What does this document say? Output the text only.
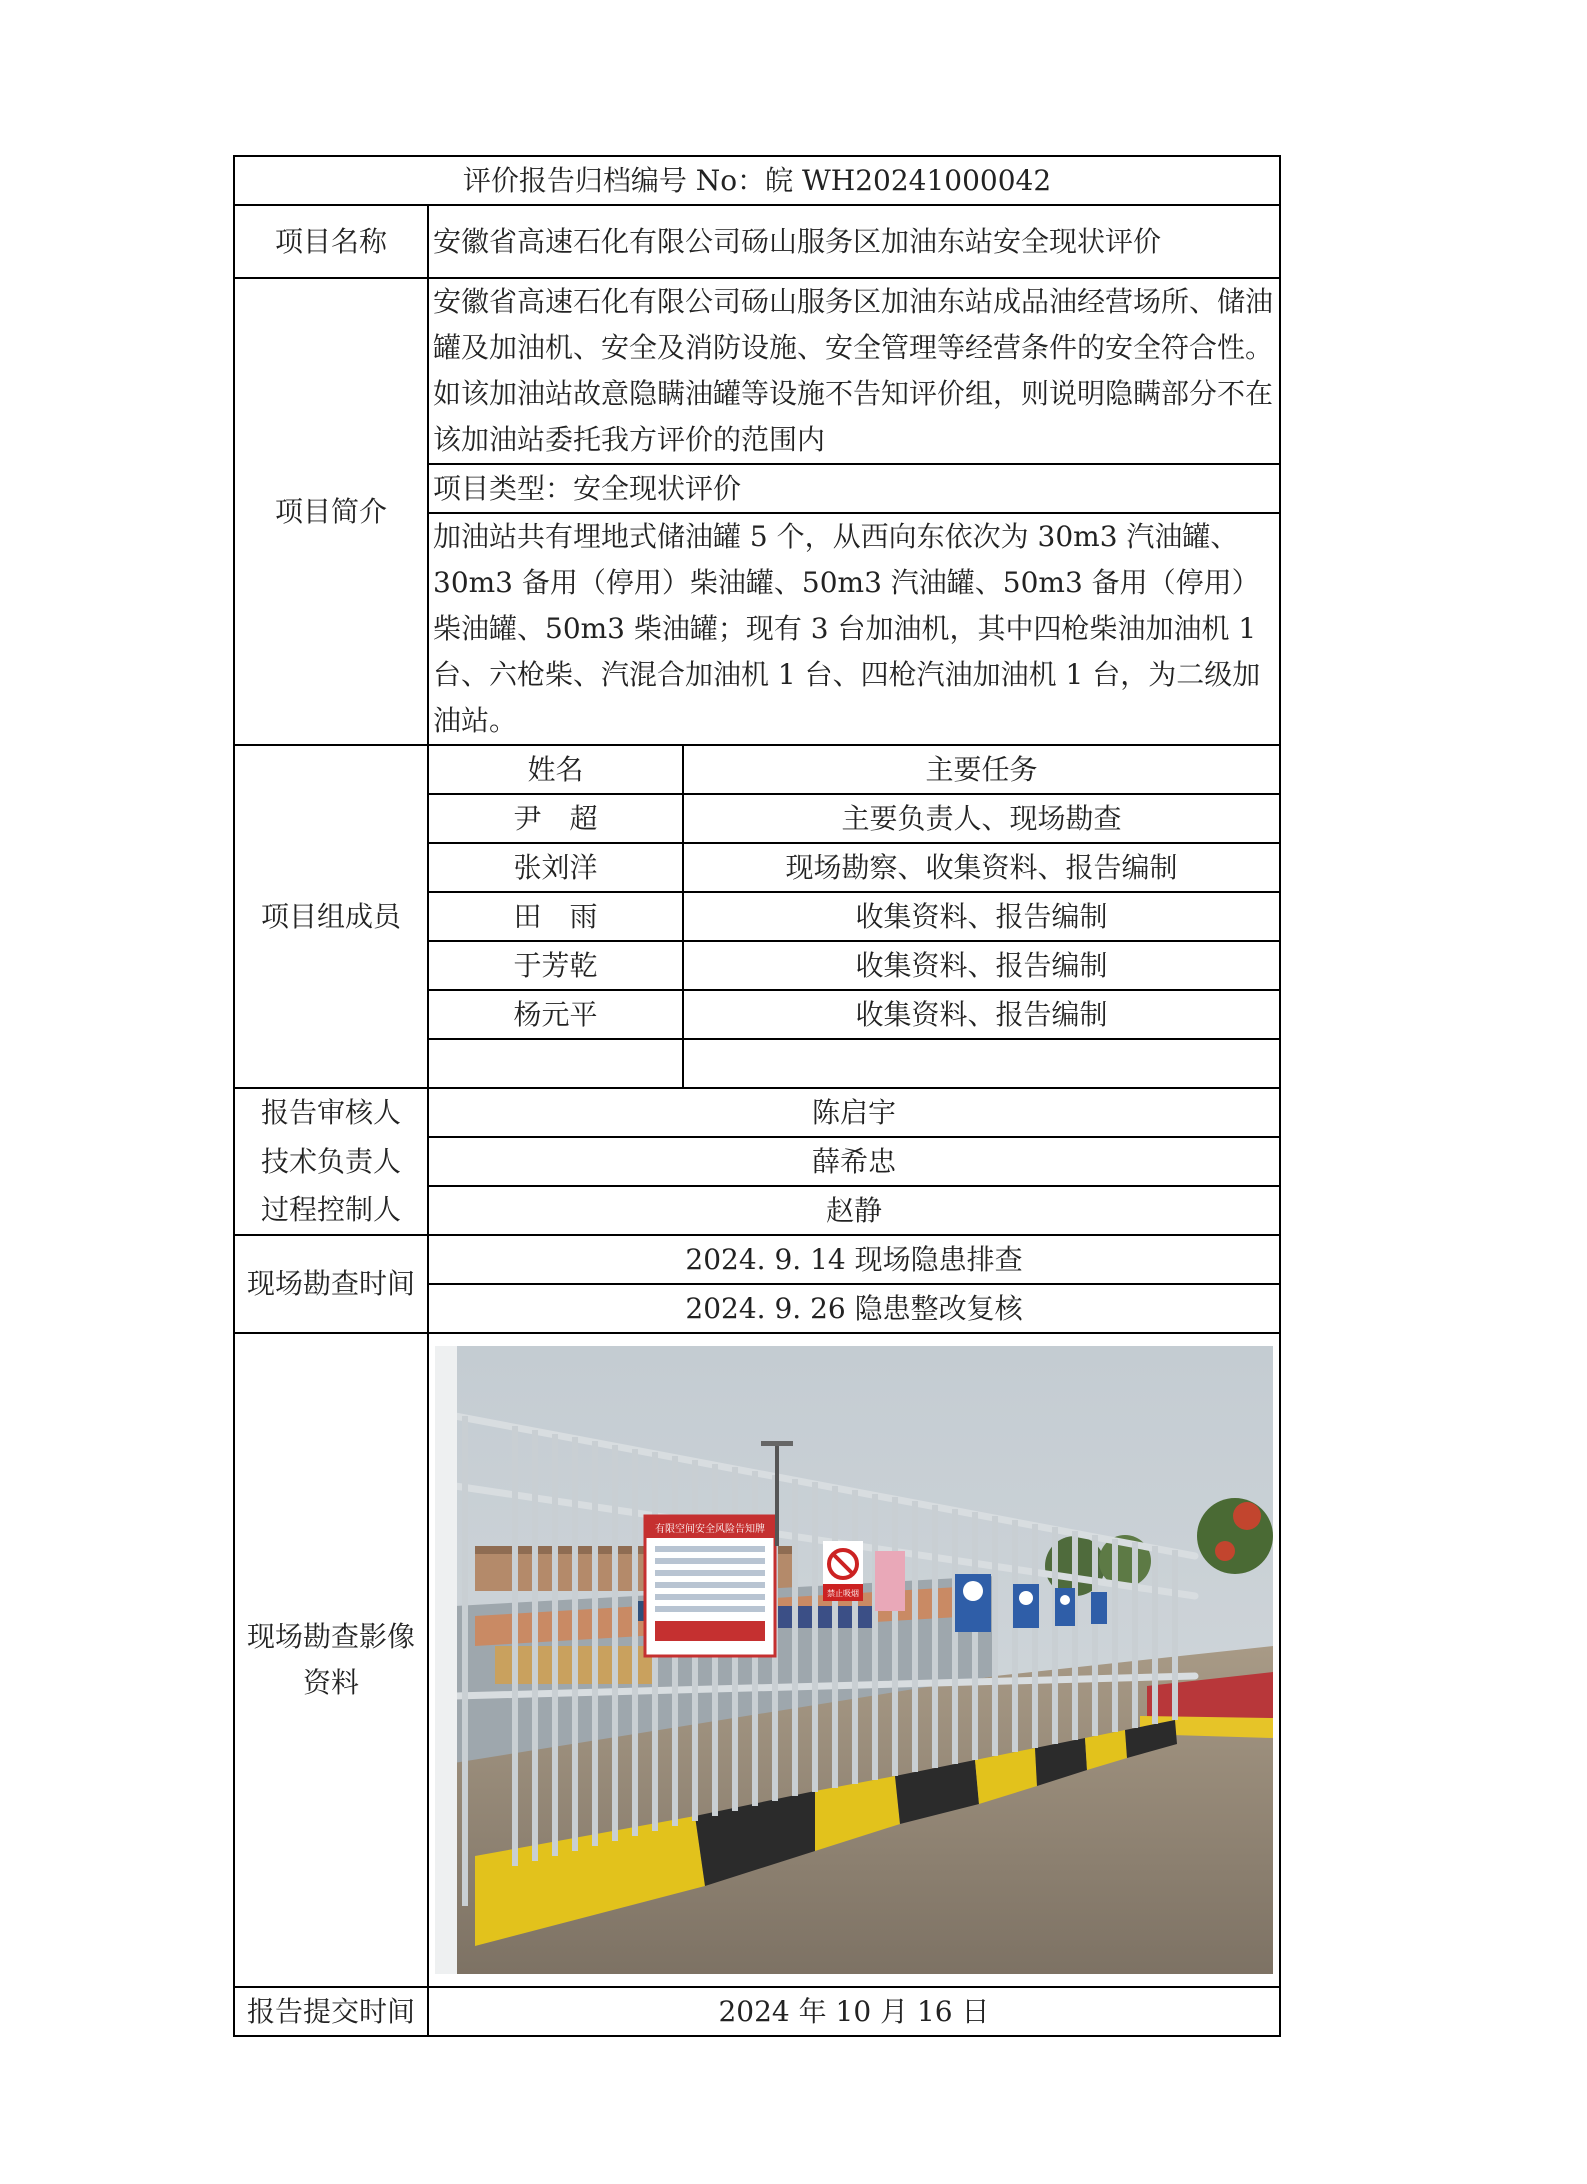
评价报告归档编号 No：皖 WH20241000042		
项目名称	安徽省高速石化有限公司砀山服务区加油东站安全现状评价	
项目简介	安徽省高速石化有限公司砀山服务区加油东站成品油经营场所、储油罐及加油机、安全及消防设施、安全管理等经营条件的安全符合性。如该加油站故意隐瞒油罐等设施不告知评价组，则说明隐瞒部分不在该加油站委托我方评价的范围内	
	项目类型：安全现状评价	
	加油站共有埋地式储油罐 5 个，从西向东依次为 30m3 汽油罐、30m3 备用（停用）柴油罐、50m3 汽油罐、50m3 备用（停用）柴油罐、50m3 柴油罐；现有 3 台加油机，其中四枪柴油加油机 1 台、六枪柴、汽混合加油机 1 台、四枪汽油加油机 1 台，为二级加油站。	
项目组成员	姓名	主要任务
	尹　超	主要负责人、现场勘查
	张刘洋	现场勘察、收集资料、报告编制
	田　雨	收集资料、报告编制
	于芳乾	收集资料、报告编制
	杨元平	收集资料、报告编制

报告审核人	陈启宇	
技术负责人	薛希忠	
过程控制人	赵静	
现场勘查时间	2024. 9. 14 现场隐患排查	
	2024. 9. 26 隐患整改复核	
现场勘查影像资料	有限空间安全风险告知牌
禁止吸烟	

报告提交时间	2024 年 10 月 16 日	
